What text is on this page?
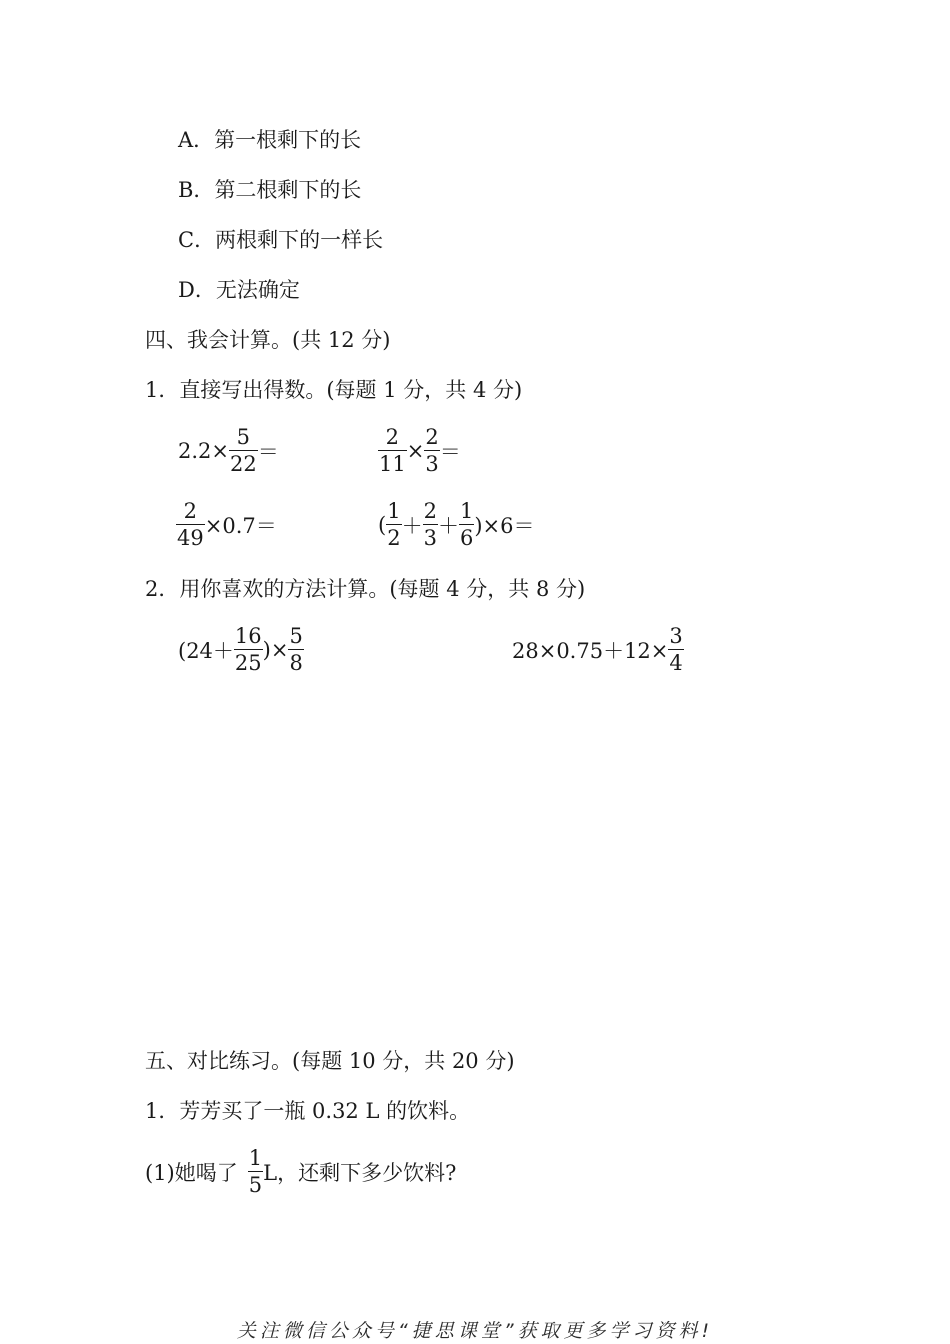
A．第一根剩下的长
B．第二根剩下的长
C．两根剩下的一样长
D．无法确定
四、我会计算。(共 12 分)
1．直接写出得数。(每题 1 分，共 4 分)
$2.2\times \frac{5}{22}$ ＝	$\frac{2}{11} \times \frac{2}{3}$ ＝
$\frac{2}{49} \times 0.7=$	( $\frac{1}{2} + \frac{2}{3} + \frac{1}{6} )\times 6=$
2．用你喜欢的方法计算。(每题 4 分，共 8 分)
($24+ \frac{16}{25}$ )× $\frac{5}{8}$	$28\times 0.75+12\times \frac{3}{4}$
五、对比练习。(每题 10 分，共 20 分)
1．芳芳买了一瓶 0.32 L 的饮料。
(1)她喝了 $\frac{1}{5}$ L，还剩下多少饮料?
关注微信公众号“捷思课堂”获取更多学习资料!
